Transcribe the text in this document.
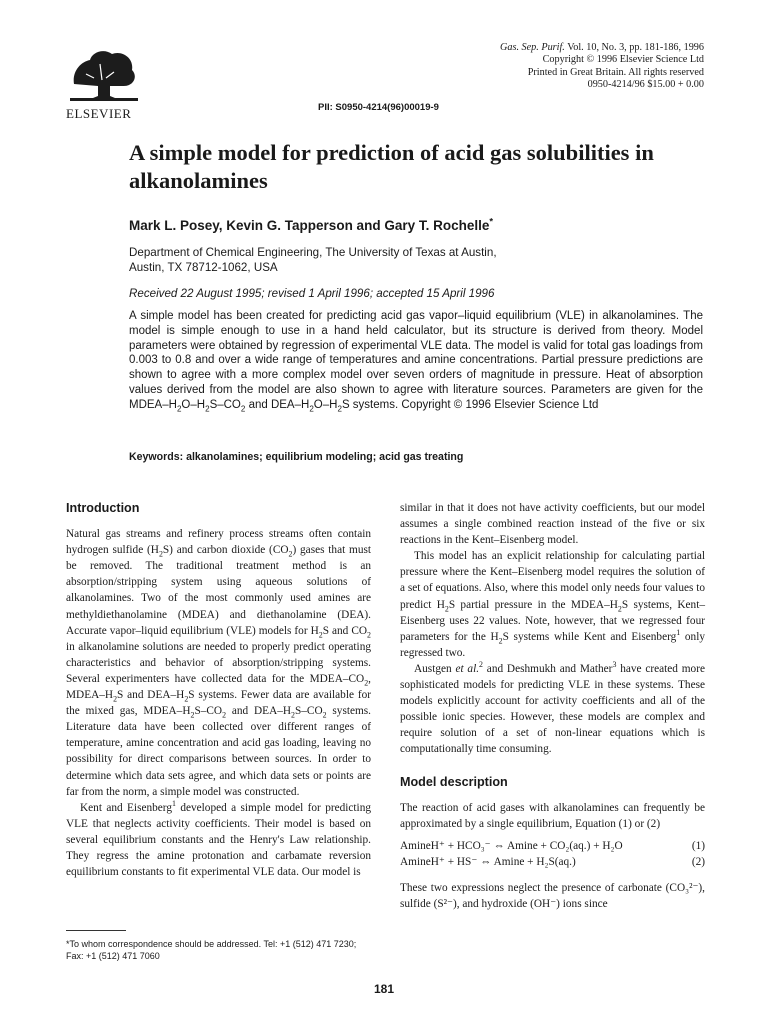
ELSEVIER	PII: S0950-4214(96)00019-9
Gas. Sep. Purif. Vol. 10, No. 3, pp. 181-186, 1996
Copyright © 1996 Elsevier Science Ltd
Printed in Great Britain. All rights reserved
0950-4214/96 $15.00 + 0.00
A simple model for prediction of acid gas solubilities in alkanolamines
Mark L. Posey, Kevin G. Tapperson and Gary T. Rochelle*
Department of Chemical Engineering, The University of Texas at Austin,
Austin, TX 78712-1062, USA
Received 22 August 1995; revised 1 April 1996; accepted 15 April 1996

A simple model has been created for predicting acid gas vapor–liquid equilibrium (VLE) in alkanolamines. The model is simple enough to use in a hand held calculator, but its structure is derived from theory. Model parameters were obtained by regression of experimental VLE data. The model is valid for total gas loadings from 0.003 to 0.8 and over a wide range of temperatures and amine concentrations. Partial pressure predictions are shown to agree with a more complex model over seven orders of magnitude in pressure. Heat of absorption values derived from the model are also shown to agree with literature sources. Parameters are given for the MDEA–$H_2O-H_2S-CO_2$ and DEA–$H_2O-H_2S$ systems. Copyright © 1996 Elsevier Science Ltd

Keywords: alkanolamines; equilibrium modeling; acid gas treating
Introduction

Natural gas streams and refinery process streams often contain hydrogen sulfide $(H_2S)$ and carbon dioxide $(CO_2)$ gases that must be removed. The traditional treatment method is an absorption/stripping system using aqueous solutions of alkanolamines. Two of the most commonly used amines are methyldiethanolamine (MDEA) and diethanolamine (DEA). Accurate vapor–liquid equilibrium (VLE) models for $H_2S$ and $CO_2$ in alkanolamine solutions are needed to properly predict operating characteristics and behavior of absorption/stripping systems. Several experimenters have collected data for the MDEA–$CO_2$, MDEA–$H_2S$ and DEA–$H_2S$ systems. Fewer data are available for the mixed gas, MDEA–$H_2S-CO_2$ and DEA–$H_2S-CO_2$ systems. Literature data have been collected over different ranges of temperature, amine concentration and acid gas loading, leaving no possibility for direct comparisons between sources. In order to determine which data sets agree, and which data sets or points are far from the norm, a simple model was constructed.

Kent and Eisenberg$^1$ developed a simple model for predicting VLE that neglects activity coefficients. Their model is based on several equilibrium constants and the Henry's Law relationship. They regress the amine protonation and carbamate reversion equilibrium constants to fit experimental VLE data. Our model is

similar in that it does not have activity coefficients, but our model assumes a single combined reaction instead of the five or six reactions in the Kent–Eisenberg model.

This model has an explicit relationship for calculating partial pressure where the Kent–Eisenberg model requires the solution of a set of equations. Also, where this model only needs four values to predict $H_2S$ partial pressure in the MDEA–$H_2S$ systems, Kent–Eisenberg uses 22 values. Note, however, that we regressed four parameters for the $H_2S$ systems while Kent and Eisenberg$^1$ only regressed two.

Austgen et al.$^2$ and Deshmukh and Mather$^3$ have created more sophisticated models for predicting VLE in these systems. These models explicitly account for activity coefficients and all of the possible ionic species. However, these models are complex and require solution of a set of non-linear equations which is computationally time consuming.

Model description

The reaction of acid gases with alkanolamines can frequently be approximated by a single equilibrium, Equation (1) or (2)

AmineH⁺ + HCO₃⁻ ⇔ Amine + CO₂(aq.) + H₂O	(1)
AmineH⁺ + HS⁻ ⇔ Amine + H₂S(aq.)	(2)

These two expressions neglect the presence of carbonate (CO₃²⁻), sulfide (S²⁻), and hydroxide (OH⁻) ions since

*To whom correspondence should be addressed. Tel: +1 (512) 471 7230; Fax: +1 (512) 471 7060
181
